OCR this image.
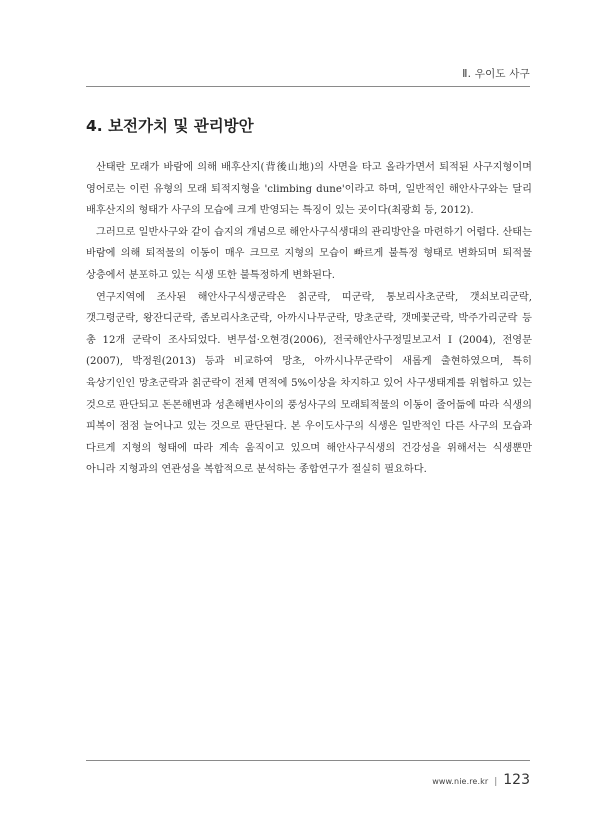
Ⅱ. 우이도 사구
4. 보전가치 및 관리방안

산태란 모래가 바람에 의해 배후산지(背後山地)의 사면을 타고 올라가면서 퇴적된 사구지형이며 영어로는 이런 유형의 모래 퇴적지형을 'climbing dune'이라고 하며, 일반적인 해안사구와는 달리 배후산지의 형태가 사구의 모습에 크게 반영되는 특징이 있는 곳이다(최광희 등, 2012).

그러므로 일반사구와 같이 습지의 개념으로 해안사구식생대의 관리방안을 마련하기 어렵다. 산태는 바람에 의해 퇴적물의 이동이 매우 크므로 지형의 모습이 빠르게 불특정 형태로 변화되며 퇴적물 상층에서 분포하고 있는 식생 또한 불특정하게 변화된다.

연구지역에 조사된 해안사구식생군락은 칡군락, 띠군락, 통보리사초군락, 갯쇠보리군락, 갯그령군락, 왕잔디군락, 좀보리사초군락, 아까시나무군락, 망초군락, 갯메꽃군락, 박주가리군락 등 총 12개 군락이 조사되었다. 변무섭·오현경(2006), 전국해안사구정밀보고서 I (2004), 전영문(2007), 박정원(2013) 등과 비교하여 망초, 아까시나무군락이 새롭게 출현하였으며, 특히 육상기인인 망초군락과 칡군락이 전체 면적에 5%이상을 차지하고 있어 사구생태계를 위협하고 있는 것으로 판단되고 돈몬해변과 성촌해변사이의 풍성사구의 모래퇴적물의 이동이 줄어듦에 따라 식생의 피복이 점점 늘어나고 있는 것으로 판단된다. 본 우이도사구의 식생은 일반적인 다른 사구의 모습과 다르게 지형의 형태에 따라 계속 움직이고 있으며 해안사구식생의 건강성을 위해서는 식생뿐만 아니라 지형과의 연관성을 복합적으로 분석하는 종합연구가 절실히 필요하다.

www.nie.re.kr | 123
